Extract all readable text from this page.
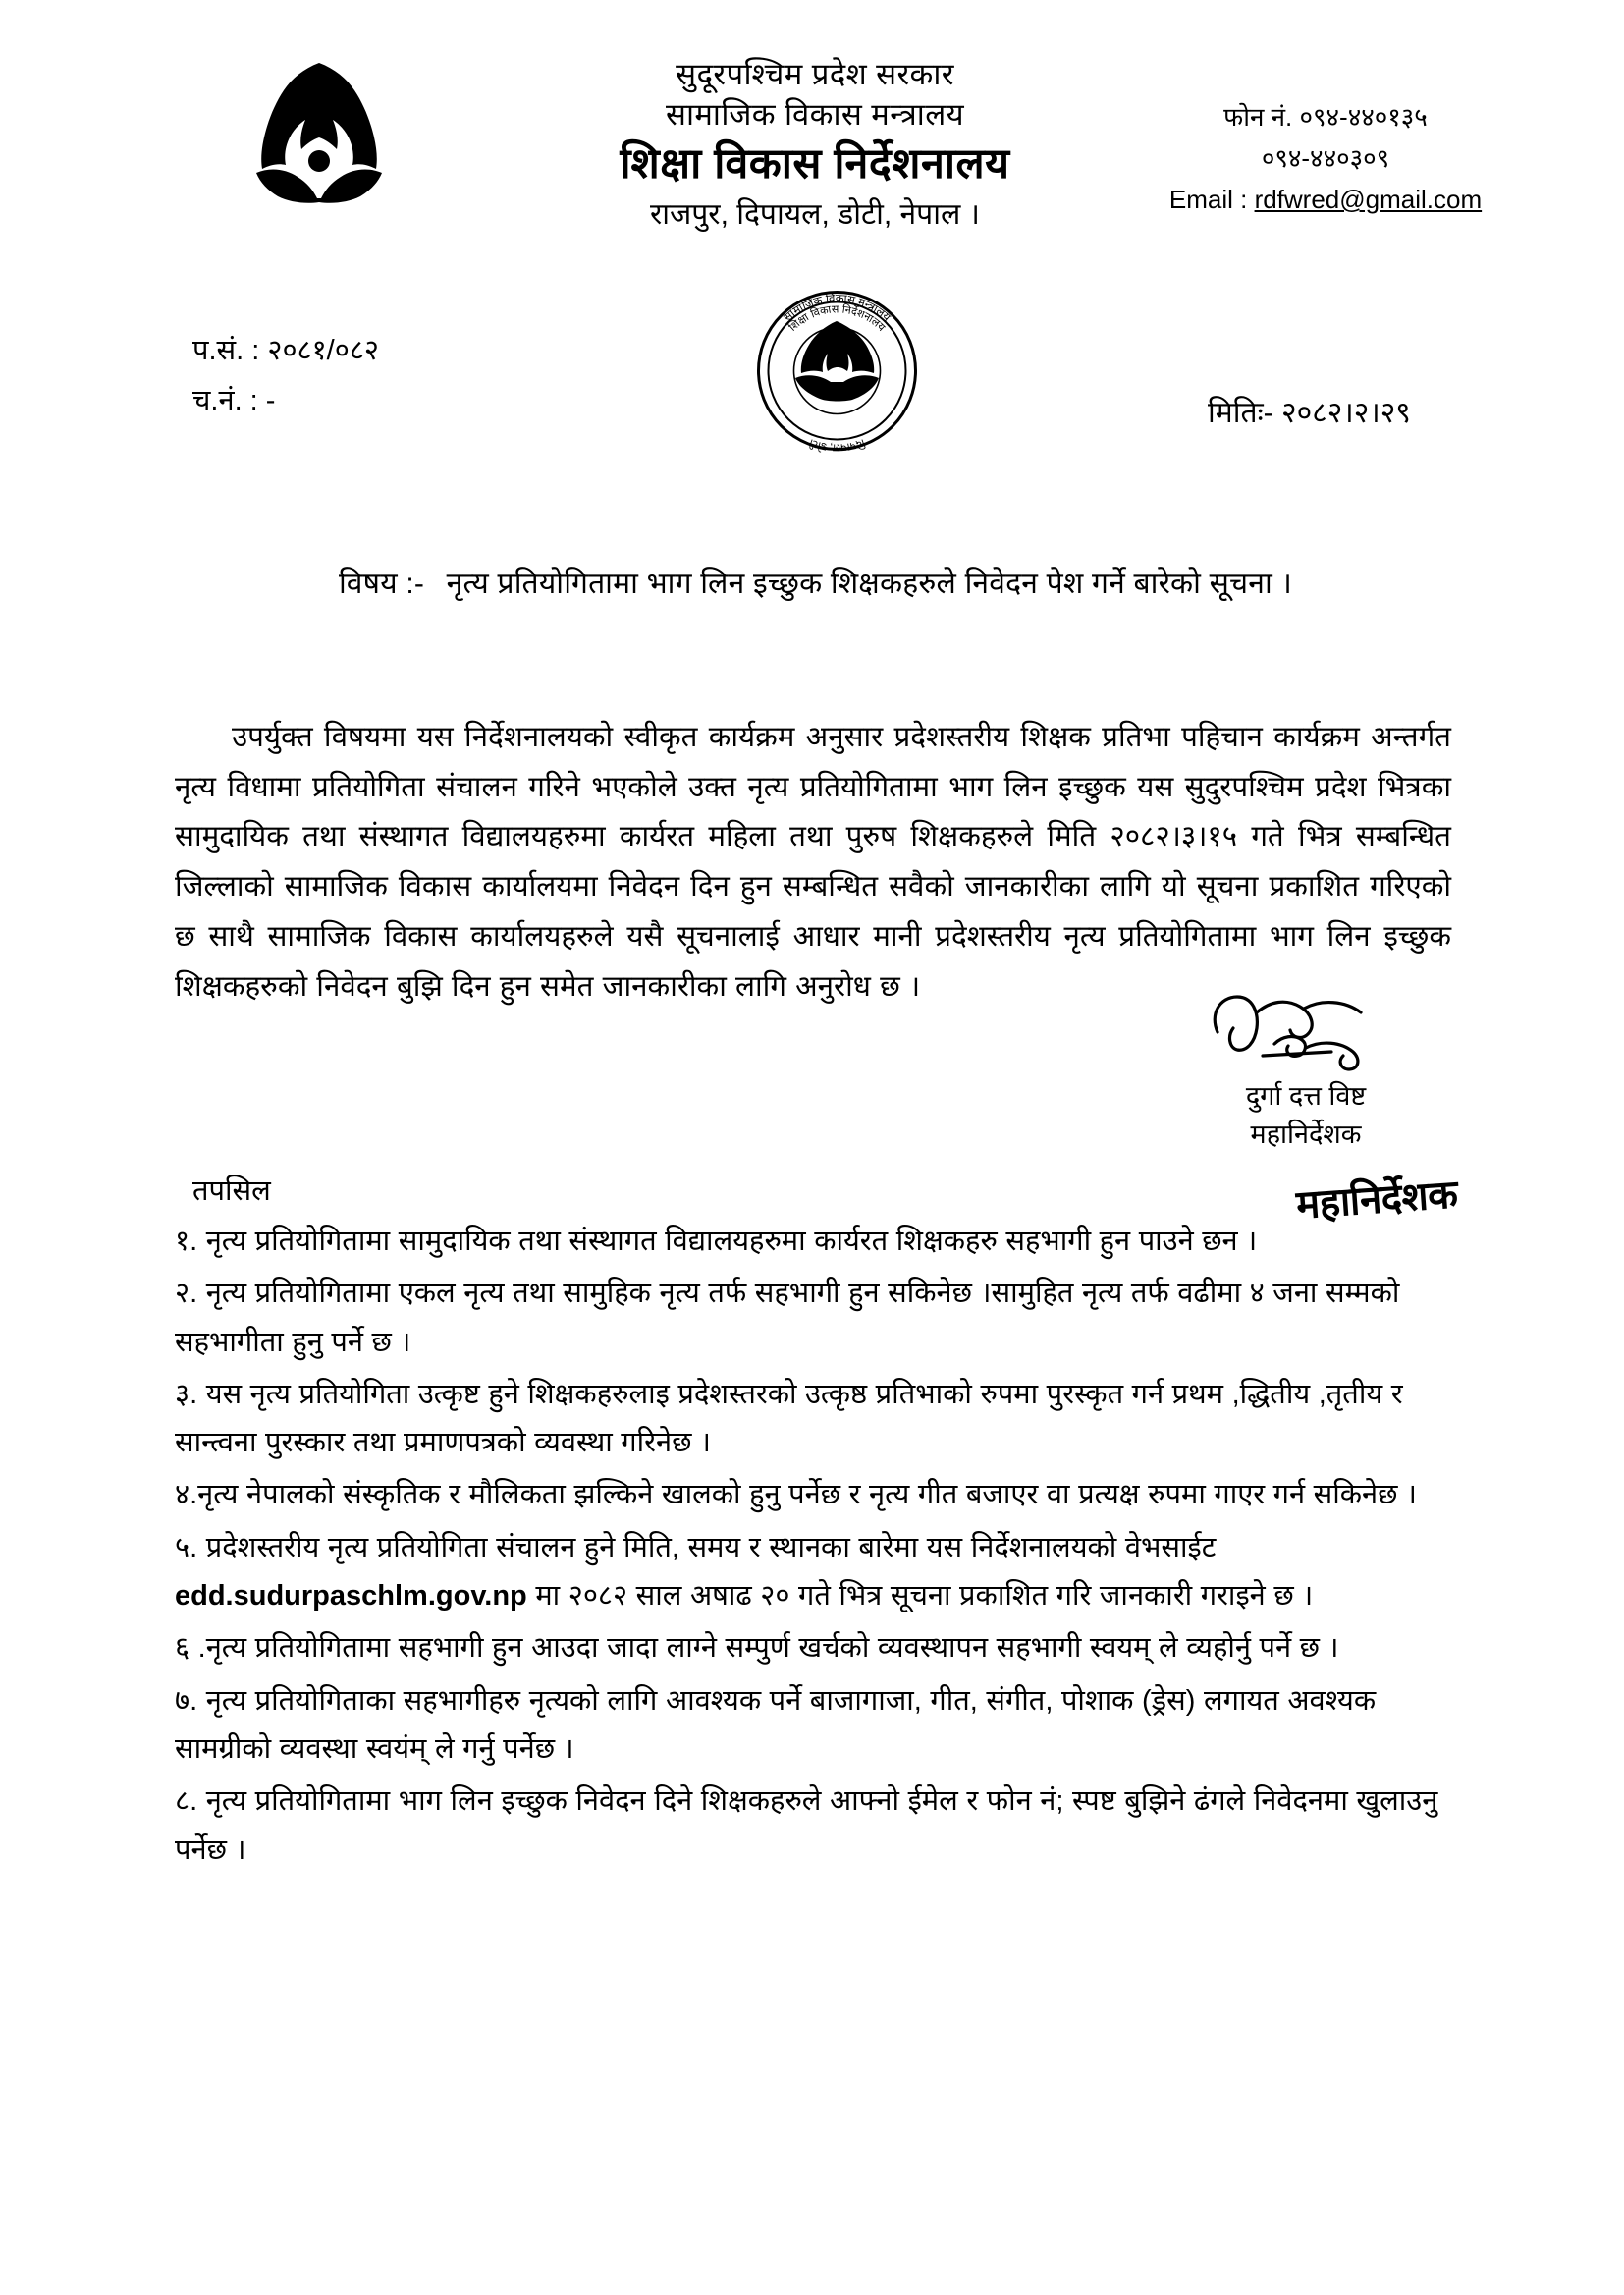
सुदूरपश्चिम प्रदेश सरकार
सामाजिक विकास मन्त्रालय
शिक्षा विकास निर्देशनालय
राजपुर, दिपायल, डोटी, नेपाल ।
फोन नं. ०९४-४४०१३५
०९४-४४०३०९
Email : rdfwred@gmail.com
सामाजिक विकास मन्त्रालय
शिक्षा विकास निर्देशनालय
दिपायल, डोटी
प.सं. : २०८१/०८२
च.नं. : -	मितिः- २०८२।२।२९
विषय :- नृत्य प्रतियोगितामा भाग लिन इच्छुक शिक्षकहरुले निवेदन पेश गर्ने बारेको सूचना ।
उपर्युक्त विषयमा यस निर्देशनालयको स्वीकृत कार्यक्रम अनुसार प्रदेशस्तरीय शिक्षक प्रतिभा पहिचान कार्यक्रम अन्तर्गत नृत्य विधामा प्रतियोगिता संचालन गरिने भएकोले उक्त नृत्य प्रतियोगितामा भाग लिन इच्छुक यस सुदुरपश्चिम प्रदेश भित्रका सामुदायिक तथा संस्थागत विद्यालयहरुमा कार्यरत महिला तथा पुरुष शिक्षकहरुले मिति २०८२।३।१५ गते भित्र सम्बन्धित जिल्लाको सामाजिक विकास कार्यालयमा निवेदन दिन हुन सम्बन्धित सवैको जानकारीका लागि यो सूचना प्रकाशित गरिएको छ साथै सामाजिक विकास कार्यालयहरुले यसै सूचनालाई आधार मानी प्रदेशस्तरीय नृत्य प्रतियोगितामा भाग लिन इच्छुक शिक्षकहरुको निवेदन बुझि दिन हुन समेत जानकारीका लागि अनुरोध छ ।
दुर्गा दत्त विष्ट
महानिर्देशक
महानिर्देशक
तपसिल
१. नृत्य प्रतियोगितामा सामुदायिक तथा संस्थागत विद्यालयहरुमा कार्यरत शिक्षकहरु सहभागी हुन पाउने छन ।
२. नृत्य प्रतियोगितामा एकल नृत्य तथा सामुहिक नृत्य तर्फ सहभागी हुन सकिनेछ ।सामुहित नृत्य तर्फ वढीमा ४ जना सम्मको सहभागीता हुनु पर्ने छ ।
३. यस नृत्य प्रतियोगिता उत्कृष्ट हुने शिक्षकहरुलाइ प्रदेशस्तरको उत्कृष्ठ प्रतिभाको रुपमा पुरस्कृत गर्न प्रथम ,द्धितीय ,तृतीय र सान्त्वना पुरस्कार तथा प्रमाणपत्रको व्यवस्था गरिनेछ ।
४.नृत्य नेपालको संस्कृतिक र मौलिकता झल्किने खालको हुनु पर्नेछ र नृत्य गीत बजाएर वा प्रत्यक्ष रुपमा गाएर गर्न सकिनेछ ।
५. प्रदेशस्तरीय नृत्य प्रतियोगिता संचालन हुने मिति, समय र स्थानका बारेमा यस निर्देशनालयको वेभसाईट edd.sudurpaschlm.gov.np मा २०८२ साल अषाढ २० गते भित्र सूचना प्रकाशित गरि जानकारी गराइने छ ।
६ .नृत्य प्रतियोगितामा सहभागी हुन आउदा जादा लाग्ने सम्पुर्ण खर्चको व्यवस्थापन सहभागी स्वयम् ले व्यहोर्नु पर्ने छ ।
७. नृत्य प्रतियोगिताका सहभागीहरु नृत्यको लागि आवश्यक पर्ने बाजागाजा, गीत, संगीत, पोशाक (ड्रेस) लगायत अवश्यक सामग्रीको व्यवस्था स्वयंम् ले गर्नु पर्नेछ ।
८. नृत्य प्रतियोगितामा भाग लिन इच्छुक निवेदन दिने शिक्षकहरुले आफ्नो ईमेल र फोन नं; स्पष्ट बुझिने ढंगले निवेदनमा खुलाउनु पर्नेछ ।
